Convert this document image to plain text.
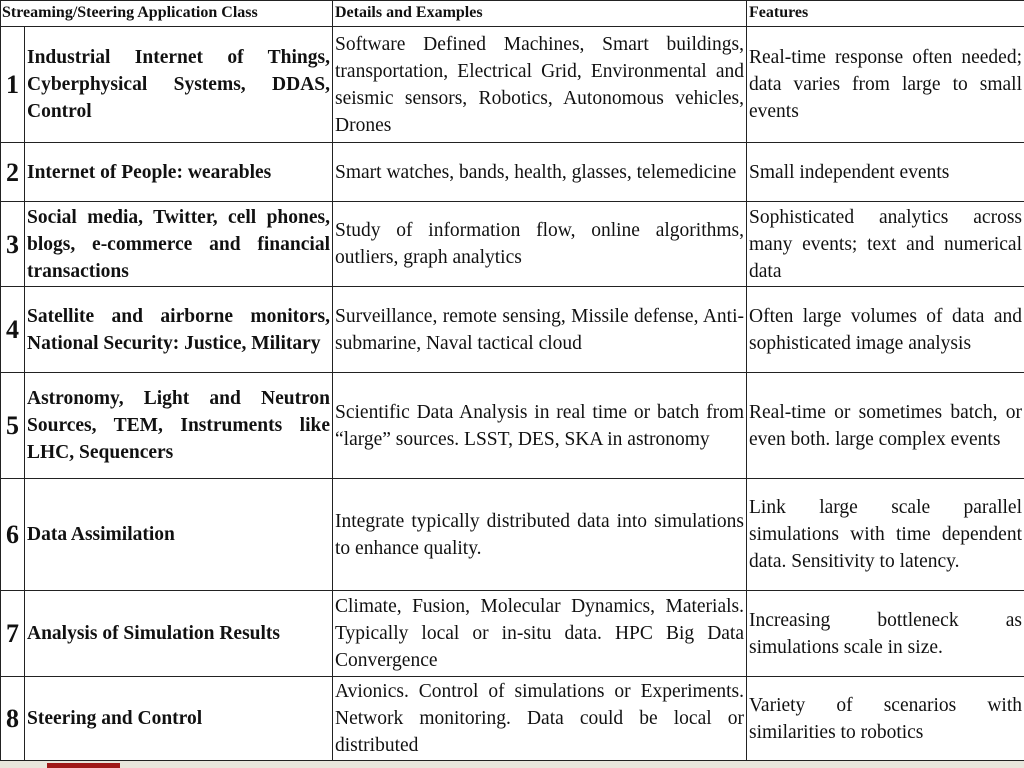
Streaming/Steering Application Class		Details and Examples	Features
1	Industrial Internet of Things, Cyberphysical Systems, DDAS, Control	Software Defined Machines, Smart buildings, transportation, Electrical Grid, Environmental and seismic sensors, Robotics, Autonomous vehicles, Drones	Real-time response often needed; data varies from large to small events
2	Internet of People: wearables	Smart watches, bands, health, glasses, telemedicine	Small independent events
3	Social media, Twitter, cell phones, blogs, e-commerce and financial transactions	Study of information flow, online algorithms, outliers, graph analytics	Sophisticated analytics across many events; text and numerical data
4	Satellite and airborne monitors, National Security: Justice, Military	Surveillance, remote sensing, Missile defense, Anti-submarine, Naval tactical cloud	Often large volumes of data and sophisticated image analysis
5	Astronomy, Light and Neutron Sources, TEM, Instruments like LHC, Sequencers	Scientific Data Analysis in real time or batch from “large” sources. LSST, DES, SKA in astronomy	Real-time or sometimes batch, or even both. large complex events
6	Data Assimilation	Integrate typically distributed data into simulations to enhance quality.	Link large scale parallel simulations with time dependent data. Sensitivity to latency.
7	Analysis of Simulation Results	Climate, Fusion, Molecular Dynamics, Materials. Typically local or in-situ data. HPC Big Data Convergence	Increasing bottleneck as simulations scale in size.
8	Steering and Control	Avionics. Control of simulations or Experiments. Network monitoring. Data could be local or distributed	Variety of scenarios with similarities to robotics
